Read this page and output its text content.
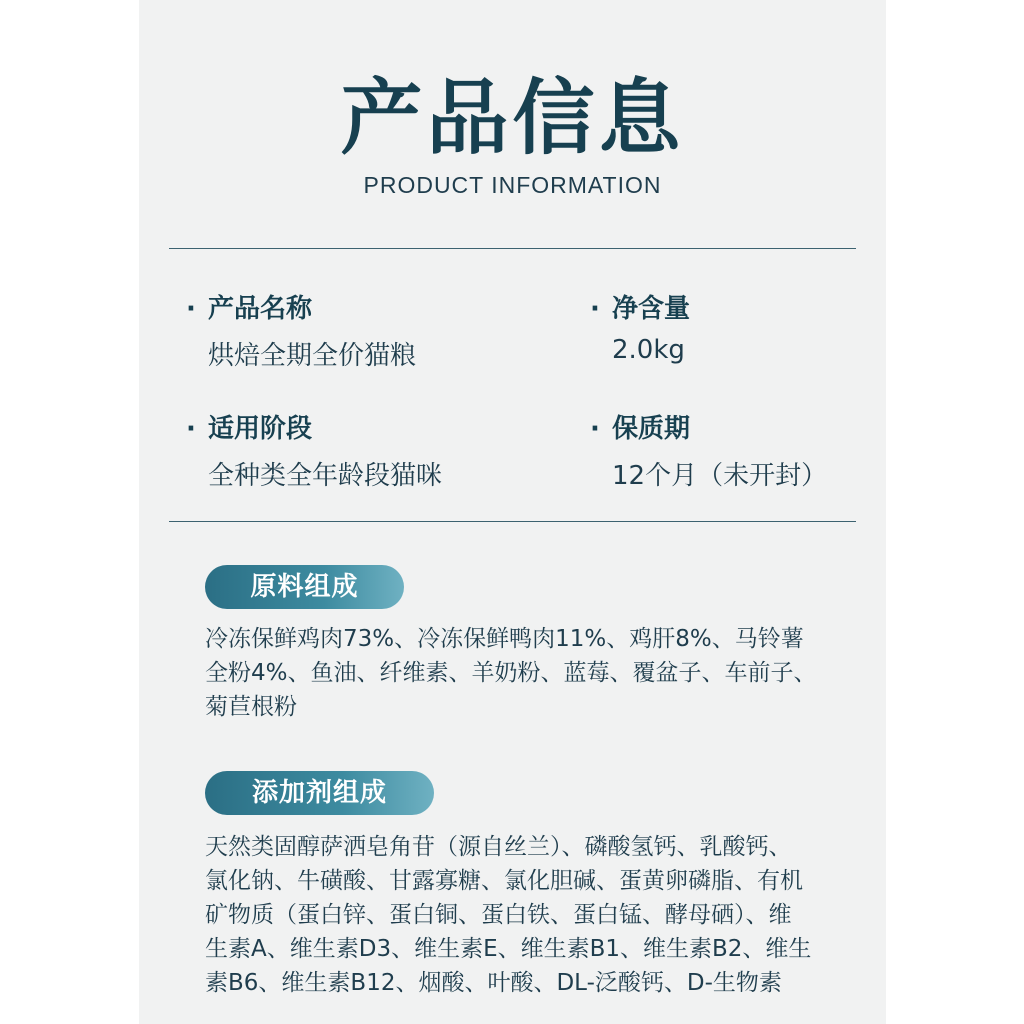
产品信息
PRODUCT INFORMATION
· 产品名称
烘焙全期全价猫粮
· 净含量
2.0kg
· 适用阶段
全种类全年龄段猫咪
· 保质期
12个月（未开封）
原料组成
冷冻保鲜鸡肉73%、冷冻保鲜鸭肉11%、鸡肝8%、马铃薯
全粉4%、鱼油、纤维素、羊奶粉、蓝莓、覆盆子、车前子、
菊苣根粉
添加剂组成
天然类固醇萨洒皂角苷（源自丝兰）、磷酸氢钙、乳酸钙、
氯化钠、牛磺酸、甘露寡糖、氯化胆碱、蛋黄卵磷脂、有机
矿物质（蛋白锌、蛋白铜、蛋白铁、蛋白锰、酵母硒）、维
生素A、维生素D3、维生素E、维生素B1、维生素B2、维生
素B6、维生素B12、烟酸、叶酸、DL-泛酸钙、D-生物素
